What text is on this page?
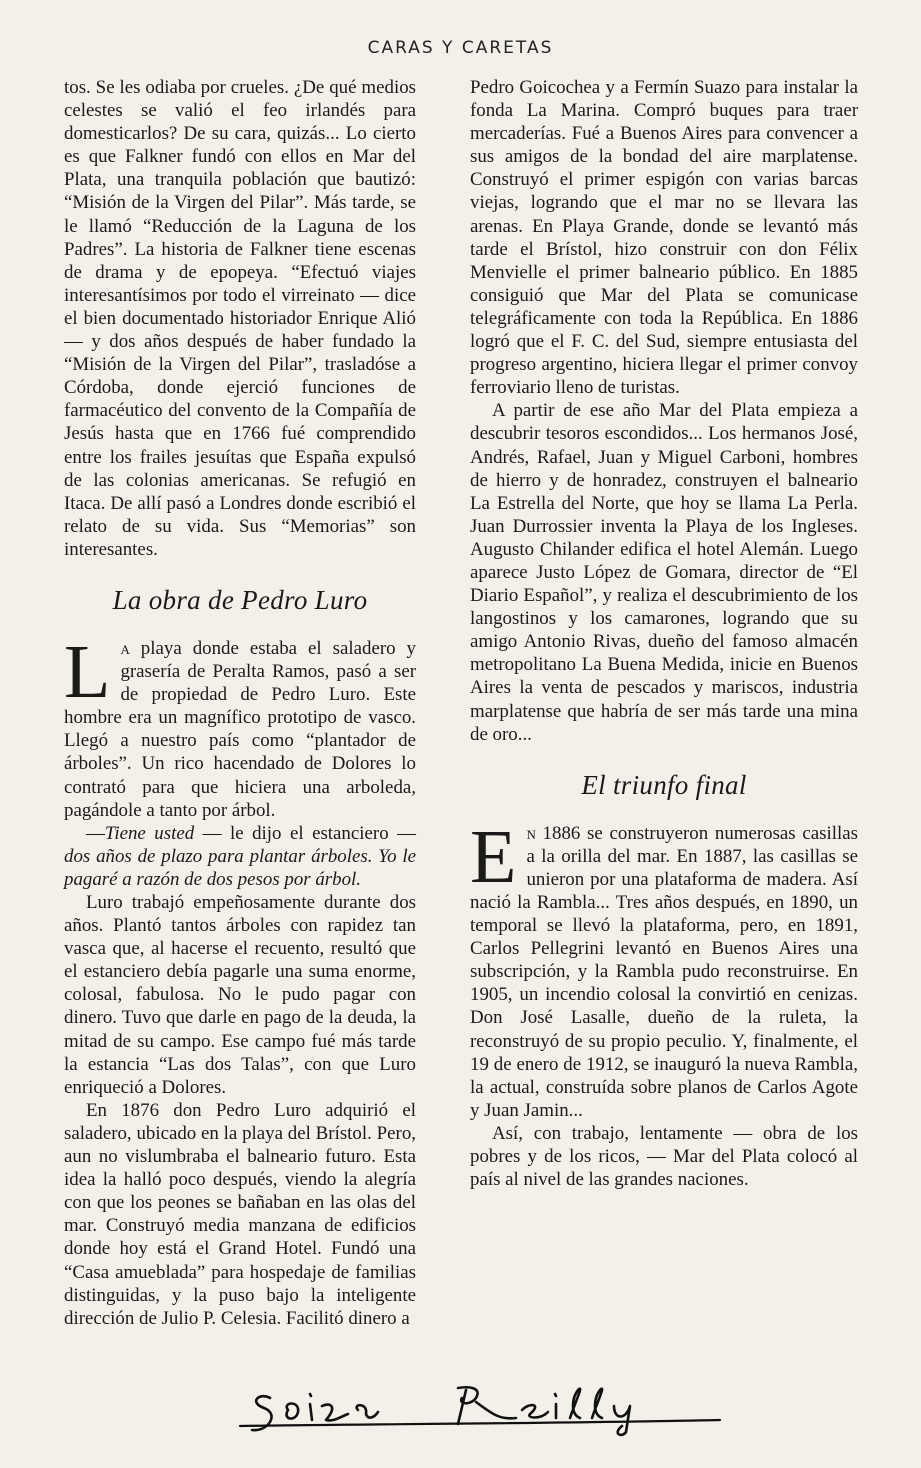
CARAS Y CARETAS

tos. Se les odiaba por crueles. ¿De qué medios celestes se valió el feo irlandés para domesticarlos? De su cara, quizás... Lo cierto es que Falkner fundó con ellos en Mar del Plata, una tranquila población que bautizó: “Misión de la Virgen del Pilar”. Más tarde, se le llamó “Reducción de la Laguna de los Padres”. La historia de Falkner tiene escenas de drama y de epopeya. “Efectuó viajes interesantísimos por todo el virreinato — dice el bien documentado historiador Enrique Alió — y dos años después de haber fundado la “Misión de la Virgen del Pilar”, trasladóse a Córdoba, donde ejerció funciones de farmacéutico del convento de la Compañía de Jesús hasta que en 1766 fué comprendido entre los frailes jesuítas que España expulsó de las colonias americanas. Se refugió en Itaca. De allí pasó a Londres donde escribió el relato de su vida. Sus “Memorias” son interesantes.

La obra de Pedro Luro

La playa donde estaba el saladero y grasería de Peralta Ramos, pasó a ser de propiedad de Pedro Luro. Este hombre era un magnífico prototipo de vasco. Llegó a nuestro país como “plantador de árboles”. Un rico hacendado de Dolores lo contrató para que hiciera una arboleda, pagándole a tanto por árbol.

—Tiene usted — le dijo el estanciero — dos años de plazo para plantar árboles. Yo le pagaré a razón de dos pesos por árbol.

Luro trabajó empeñosamente durante dos años. Plantó tantos árboles con rapidez tan vasca que, al hacerse el recuento, resultó que el estanciero debía pagarle una suma enorme, colosal, fabulosa. No le pudo pagar con dinero. Tuvo que darle en pago de la deuda, la mitad de su campo. Ese campo fué más tarde la estancia “Las dos Talas”, con que Luro enriqueció a Dolores.

En 1876 don Pedro Luro adquirió el saladero, ubicado en la playa del Brístol. Pero, aun no vislumbraba el balneario futuro. Esta idea la halló poco después, viendo la alegría con que los peones se bañaban en las olas del mar. Construyó media manzana de edificios donde hoy está el Grand Hotel. Fundó una “Casa amueblada” para hospedaje de familias distinguidas, y la puso bajo la inteligente dirección de Julio P. Celesia. Facilitó dinero a

Pedro Goicochea y a Fermín Suazo para instalar la fonda La Marina. Compró buques para traer mercaderías. Fué a Buenos Aires para convencer a sus amigos de la bondad del aire marplatense. Construyó el primer espigón con varias barcas viejas, logrando que el mar no se llevara las arenas. En Playa Grande, donde se levantó más tarde el Brístol, hizo construir con don Félix Menvielle el primer balneario público. En 1885 consiguió que Mar del Plata se comunicase telegráficamente con toda la República. En 1886 logró que el F. C. del Sud, siempre entusiasta del progreso argentino, hiciera llegar el primer convoy ferroviario lleno de turistas.

A partir de ese año Mar del Plata empieza a descubrir tesoros escondidos... Los hermanos José, Andrés, Rafael, Juan y Miguel Carboni, hombres de hierro y de honradez, construyen el balneario La Estrella del Norte, que hoy se llama La Perla. Juan Durrossier inventa la Playa de los Ingleses. Augusto Chilander edifica el hotel Alemán. Luego aparece Justo López de Gomara, director de “El Diario Español”, y realiza el descubrimiento de los langostinos y los camarones, logrando que su amigo Antonio Rivas, dueño del famoso almacén metropolitano La Buena Medida, inicie en Buenos Aires la venta de pescados y mariscos, industria marplatense que habría de ser más tarde una mina de oro...

El triunfo final

En 1886 se construyeron numerosas casillas a la orilla del mar. En 1887, las casillas se unieron por una plataforma de madera. Así nació la Rambla... Tres años después, en 1890, un temporal se llevó la plataforma, pero, en 1891, Carlos Pellegrini levantó en Buenos Aires una subscripción, y la Rambla pudo reconstruirse. En 1905, un incendio colosal la convirtió en cenizas. Don José Lasalle, dueño de la ruleta, la reconstruyó de su propio peculio. Y, finalmente, el 19 de enero de 1912, se inauguró la nueva Rambla, la actual, construída sobre planos de Carlos Agote y Juan Jamin...

Así, con trabajo, lentamente — obra de los pobres y de los ricos, — Mar del Plata colocó al país al nivel de las grandes naciones.
